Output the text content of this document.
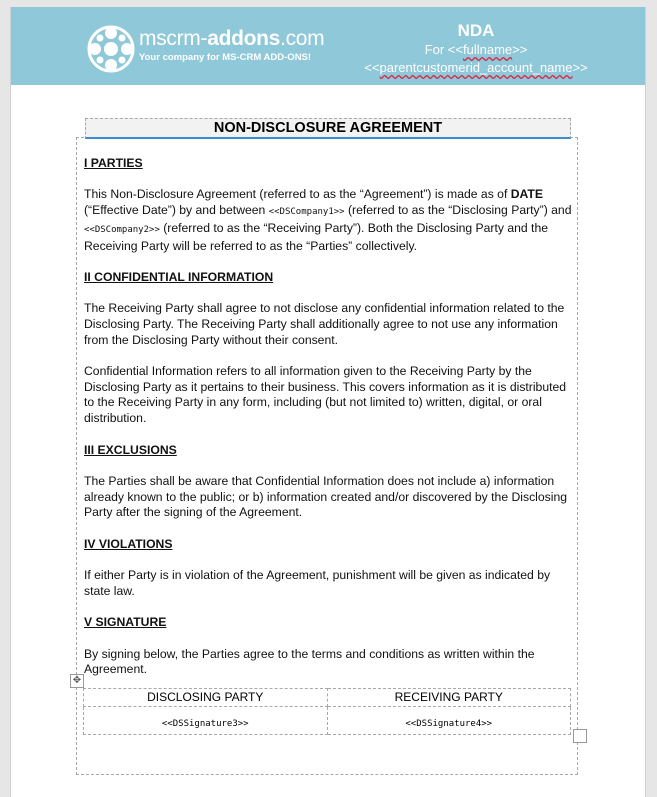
mscrm-addons.com
Your company for MS-CRM ADD-ONS!
NDA
For <<fullname>>
<<parentcustomerid_account_name>>
NON-DISCLOSURE AGREEMENT
I PARTIES

This Non-Disclosure Agreement (referred to as the “Agreement”) is made as of DATE (“Effective Date”) by and between <<DSCompany1>> (referred to as the “Disclosing Party”) and <<DSCompany2>> (referred to as the “Receiving Party”). Both the Disclosing Party and the Receiving Party will be referred to as the “Parties” collectively.

II CONFIDENTIAL INFORMATION

The Receiving Party shall agree to not disclose any confidential information related to the Disclosing Party. The Receiving Party shall additionally agree to not use any information from the Disclosing Party without their consent.

Confidential Information refers to all information given to the Receiving Party by the Disclosing Party as it pertains to their business. This covers information as it is distributed to the Receiving Party in any form, including (but not limited to) written, digital, or oral distribution.

III EXCLUSIONS

The Parties shall be aware that Confidential Information does not include a) information already known to the public; or b) information created and/or discovered by the Disclosing Party after the signing of the Agreement.

IV VIOLATIONS

If either Party is in violation of the Agreement, punishment will be given as indicated by state law.

V SIGNATURE

By signing below, the Parties agree to the terms and conditions as written within the Agreement.

✥
DISCLOSING PARTY	RECEIVING PARTY
<<DSSignature3>>	<<DSSignature4>>
